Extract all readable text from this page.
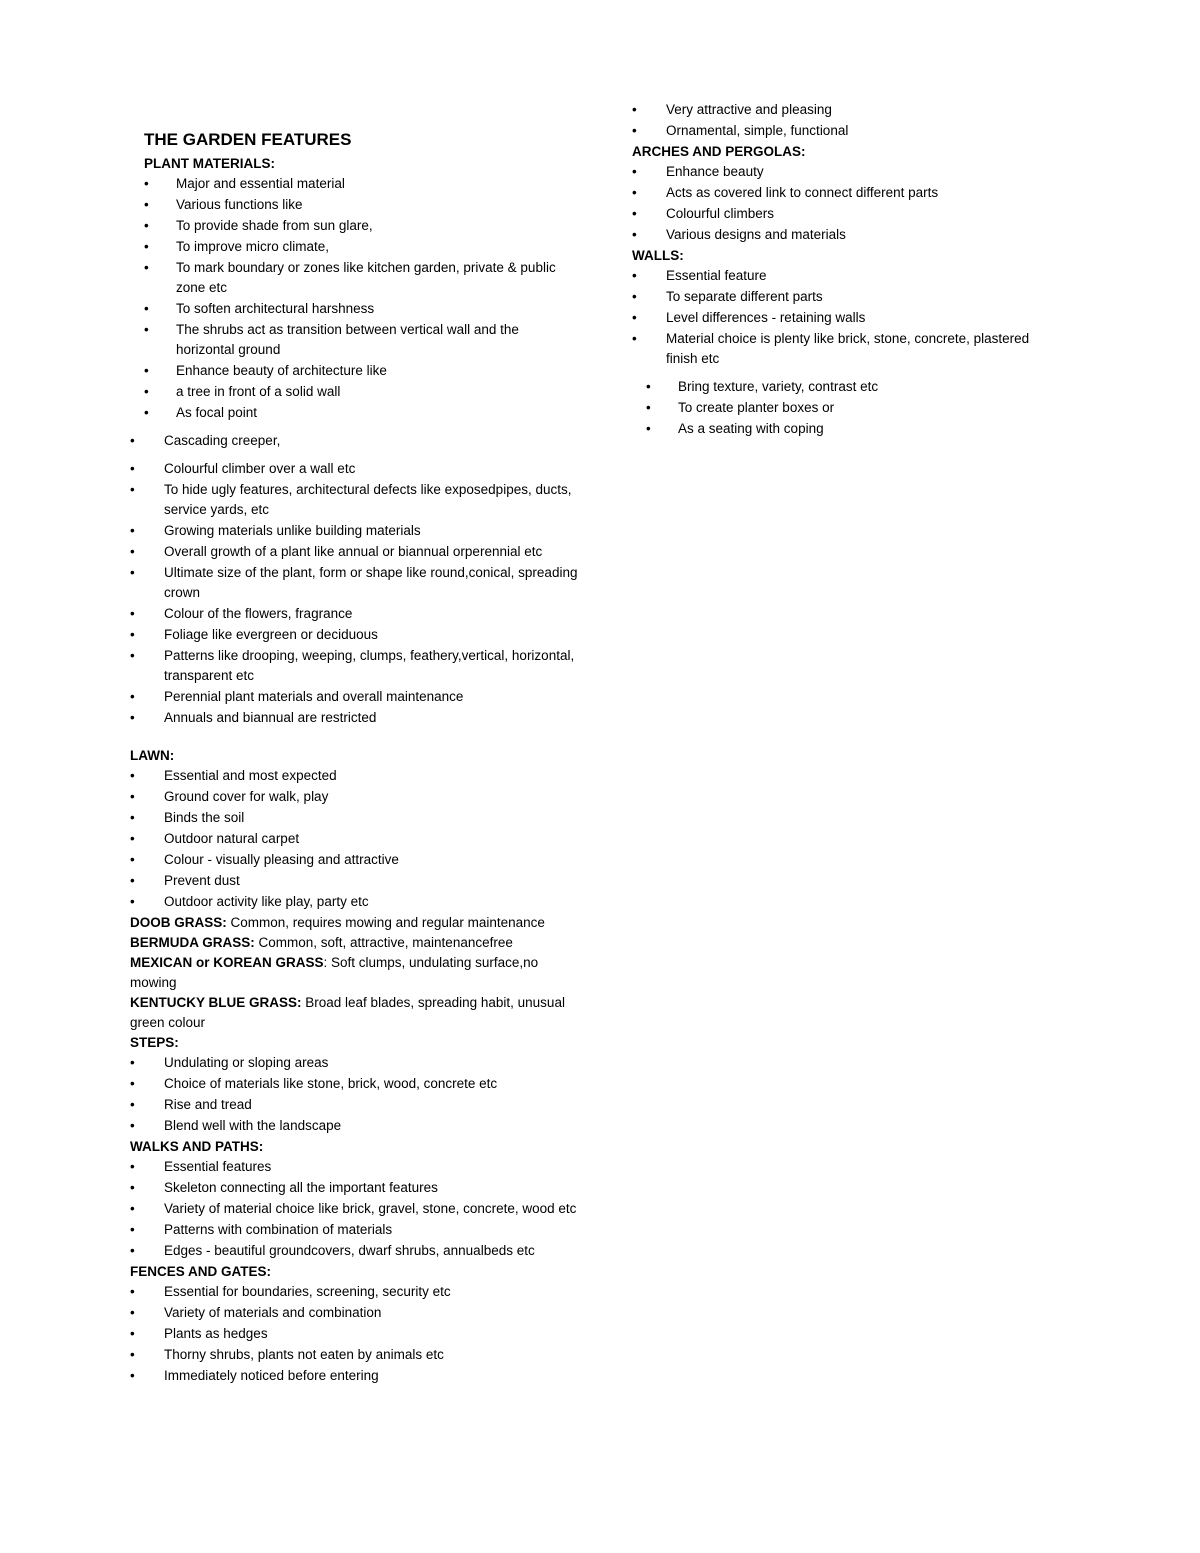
THE GARDEN FEATURES
PLANT MATERIALS:
• Major and essential material
• Various functions like
• To provide shade from sun glare,
• To improve micro climate,
• To mark boundary or zones like kitchen garden, private & public zone etc
• To soften architectural harshness
• The shrubs act as transition between vertical wall and the horizontal ground
• Enhance beauty of architecture like
• a tree in front of a solid wall
• As focal point
• Cascading creeper,
• Colourful climber over a wall etc
• To hide ugly features, architectural defects like exposedpipes, ducts, service yards, etc
• Growing materials unlike building materials
• Overall growth of a plant like annual or biannual orperennial etc
• Ultimate size of the plant, form or shape like round,conical, spreading crown
• Colour of the flowers, fragrance
• Foliage like evergreen or deciduous
• Patterns like drooping, weeping, clumps, feathery,vertical, horizontal, transparent etc
• Perennial plant materials and overall maintenance
• Annuals and biannual are restricted
LAWN:
• Essential and most expected
• Ground cover for walk, play
• Binds the soil
• Outdoor natural carpet
• Colour - visually pleasing and attractive
• Prevent dust
• Outdoor activity like play, party etc

DOOB GRASS: Common, requires mowing and regular maintenance

BERMUDA GRASS: Common, soft, attractive, maintenancefree

MEXICAN or KOREAN GRASS: Soft clumps, undulating surface,no mowing

KENTUCKY BLUE GRASS: Broad leaf blades, spreading habit, unusual green colour

STEPS:
• Undulating or sloping areas
• Choice of materials like stone, brick, wood, concrete etc
• Rise and tread
• Blend well with the landscape
WALKS AND PATHS:
• Essential features
• Skeleton connecting all the important features
• Variety of material choice like brick, gravel, stone, concrete, wood etc
• Patterns with combination of materials
• Edges - beautiful groundcovers, dwarf shrubs, annualbeds etc
FENCES AND GATES:
• Essential for boundaries, screening, security etc
• Variety of materials and combination
• Plants as hedges
• Thorny shrubs, plants not eaten by animals etc
• Immediately noticed before entering
• Very attractive and pleasing
• Ornamental, simple, functional
ARCHES AND PERGOLAS:
• Enhance beauty
• Acts as covered link to connect different parts
• Colourful climbers
• Various designs and materials
WALLS:
• Essential feature
• To separate different parts
• Level differences - retaining walls
• Material choice is plenty like brick, stone, concrete, plastered finish etc
• Bring texture, variety, contrast etc
• To create planter boxes or
• As a seating with coping
